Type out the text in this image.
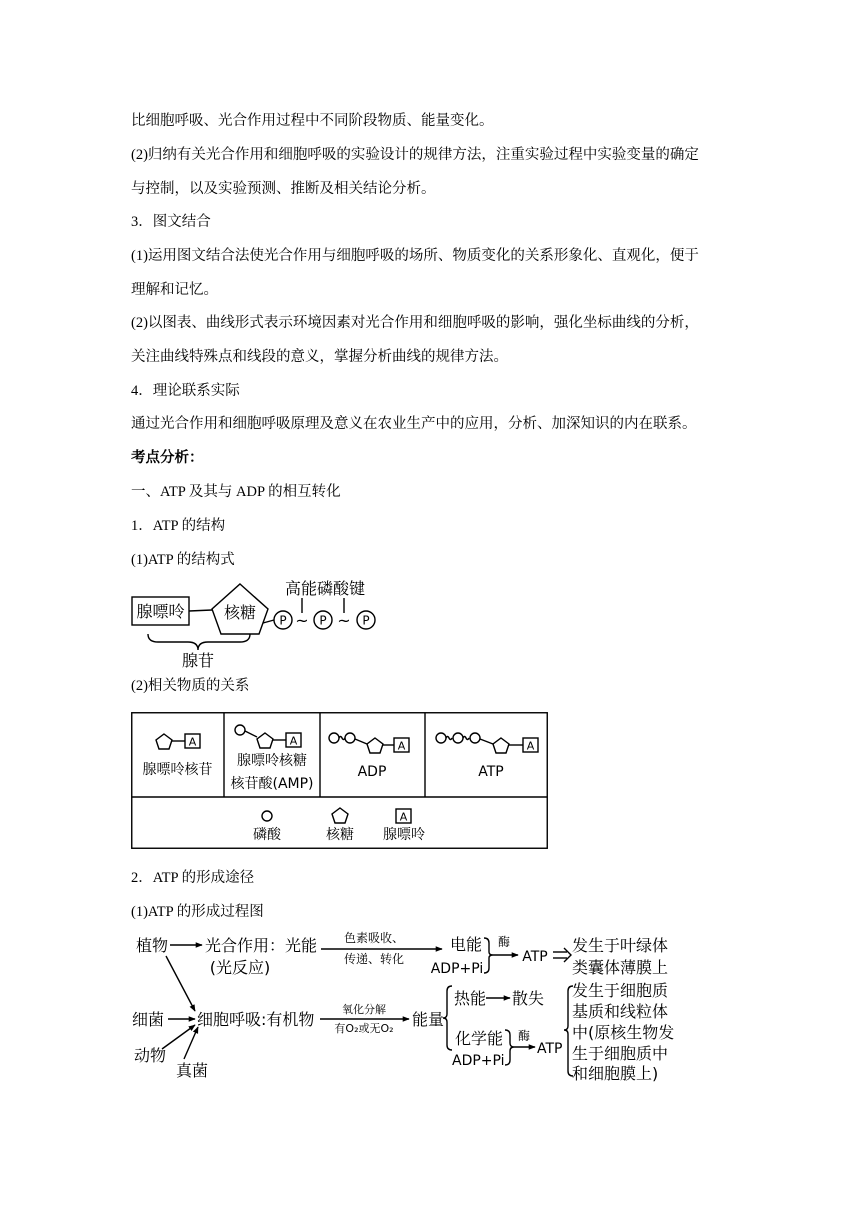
比细胞呼吸、光合作用过程中不同阶段物质、能量变化。
(2)归纳有关光合作用和细胞呼吸的实验设计的规律方法，注重实验过程中实验变量的确定
与控制，以及实验预测、推断及相关结论分析。
3．图文结合
(1)运用图文结合法使光合作用与细胞呼吸的场所、物质变化的关系形象化、直观化，便于
理解和记忆。
(2)以图表、曲线形式表示环境因素对光合作用和细胞呼吸的影响，强化坐标曲线的分析，
关注曲线特殊点和线段的意义，掌握分析曲线的规律方法。
4．理论联系实际
通过光合作用和细胞呼吸原理及意义在农业生产中的应用，分析、加深知识的内在联系。
考点分析：
一、ATP 及其与 ADP 的相互转化
1．ATP 的结构
(1)ATP 的结构式
(2)相关物质的关系
2．ATP 的形成途径
(1)ATP 的形成过程图
腺嘌呤 核糖
高能磷酸键
P ~ P ~ P
腺苷
A
腺嘌呤核苷
A
腺嘌呤核糖
核苷酸(AMP)
A
ADP
A
ATP
磷酸	核糖
A
腺嘌呤
植物 光合作用：光能
(光反应)
色素吸收、
传递、转化
电能
ADP+Pi
酶
ATP
发生于叶绿体
类囊体薄膜上
细菌
动物
真菌
细胞呼吸:有机物
氧化分解
有O₂或无O₂ 能量
热能 散失
化学能
ADP+Pi
酶
ATP
发生于细胞质
基质和线粒体
中(原核生物发
生于细胞质中
和细胞膜上)
